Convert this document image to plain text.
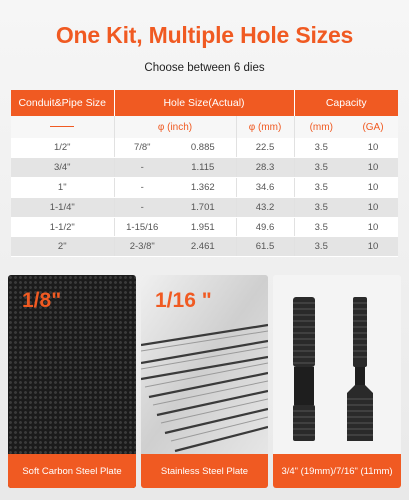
One Kit, Multiple Hole Sizes
Choose between 6 dies
Conduit&Pipe Size	Hole Size(Actual)			Capacity	
	φ (inch)		φ (mm)	(mm)	(GA)
1/2"	7/8"	0.885	22.5	3.5	10
3/4"	-	1.115	28.3	3.5	10
1"	-	1.362	34.6	3.5	10
1-1/4"	-	1.701	43.2	3.5	10
1-1/2"	1-15/16	1.951	49.6	3.5	10
2"	2-3/8"	2.461	61.5	3.5	10
1/8"
Soft Carbon Steel Plate
1/16 "
Stainless Steel Plate	3/4" (19mm)/7/16" (11mm)
